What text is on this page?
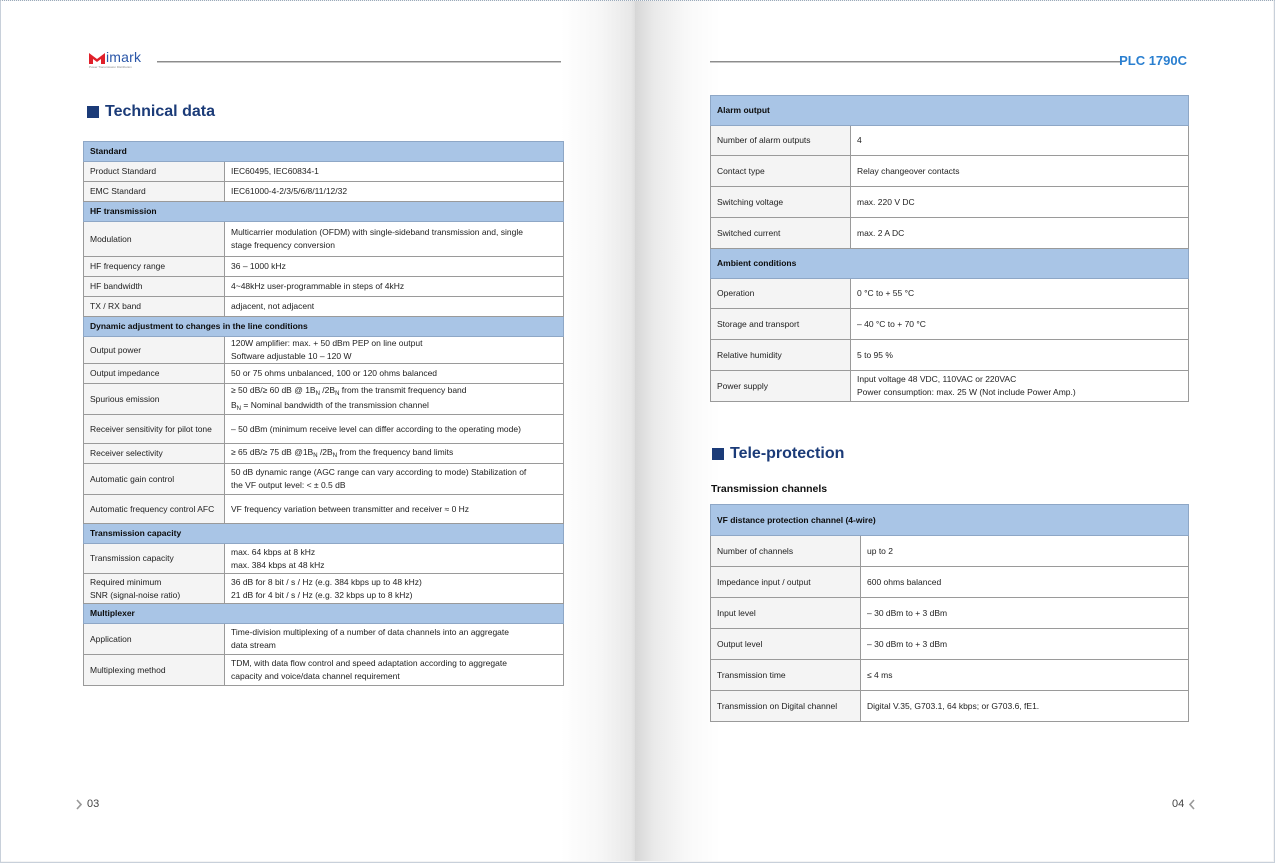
imark
Power Transmission Distribution
Technical data
Standard	
Product Standard	IEC60495, IEC60834-1
EMC Standard	IEC61000-4-2/3/5/6/8/11/12/32
HF transmission	
Modulation	Multicarrier modulation (OFDM) with single-sideband transmission and, single
stage frequency conversion
HF frequency range	36 – 1000 kHz
HF bandwidth	4~48kHz user-programmable in steps of 4kHz
TX / RX band	adjacent, not adjacent
Dynamic adjustment to changes in the line conditions	
Output power	120W amplifier: max. + 50 dBm PEP on line output
Software adjustable 10 – 120 W
Output impedance	50 or 75 ohms unbalanced, 100 or 120 ohms balanced
Spurious emission	≥ 50 dB/≥ 60 dB @ $1B_N$ $/2B_N$ from the transmit frequency band
$B_N$ = Nominal bandwidth of the transmission channel
Receiver sensitivity for pilot tone	– 50 dBm (minimum receive level can differ according to the operating mode)
Receiver selectivity	≥ 65 dB/≥ 75 dB $@1B_N$ $/2B_N$ from the frequency band limits
Automatic gain control	50 dB dynamic range (AGC range can vary according to mode) Stabilization of
the VF output level: < ± 0.5 dB
Automatic frequency control AFC	VF frequency variation between transmitter and receiver ≈ 0 Hz
Transmission capacity	
Transmission capacity	max. 64 kbps at 8 kHz
max. 384 kbps at 48 kHz
Required minimum
SNR (signal-noise ratio)	36 dB for 8 bit / s / Hz (e.g. 384 kbps up to 48 kHz)
21 dB for 4 bit / s / Hz (e.g. 32 kbps up to 8 kHz)
Multiplexer	
Application	Time-division multiplexing of a number of data channels into an aggregate
data stream
Multiplexing method	TDM, with data flow control and speed adaptation according to aggregate
capacity and voice/data channel requirement
03
PLC 1790C
Alarm output	
Number of alarm outputs	4
Contact type	Relay changeover contacts
Switching voltage	max. 220 V DC
Switched current	max. 2 A DC
Ambient conditions	
Operation	0 °C to + 55 °C
Storage and transport	– 40 °C to + 70 °C
Relative humidity	5 to 95 %
Power supply	Input voltage 48 VDC, 110VAC or 220VAC
Power consumption: max. 25 W (Not include Power Amp.)
Tele-protection
Transmission channels
VF distance protection channel (4-wire)	
Number of channels	up to 2
Impedance input / output	600 ohms balanced
Input level	– 30 dBm to + 3 dBm
Output level	– 30 dBm to + 3 dBm
Transmission time	≤ 4 ms
Transmission on Digital channel	Digital V.35, G703.1, 64 kbps; or G703.6, fE1.
04
